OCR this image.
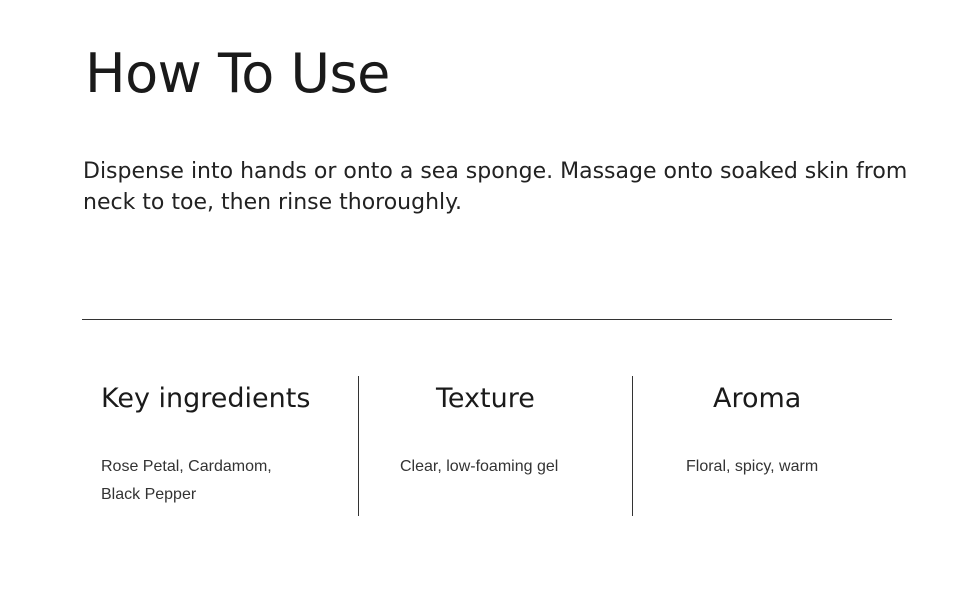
How To Use

Dispense into hands or onto a sea sponge. Massage onto soaked skin from neck to toe, then rinse thoroughly.

Key ingredients

Rose Petal, Cardamom, Black Pepper

Texture

Clear, low-foaming gel

Aroma

Floral, spicy, warm
